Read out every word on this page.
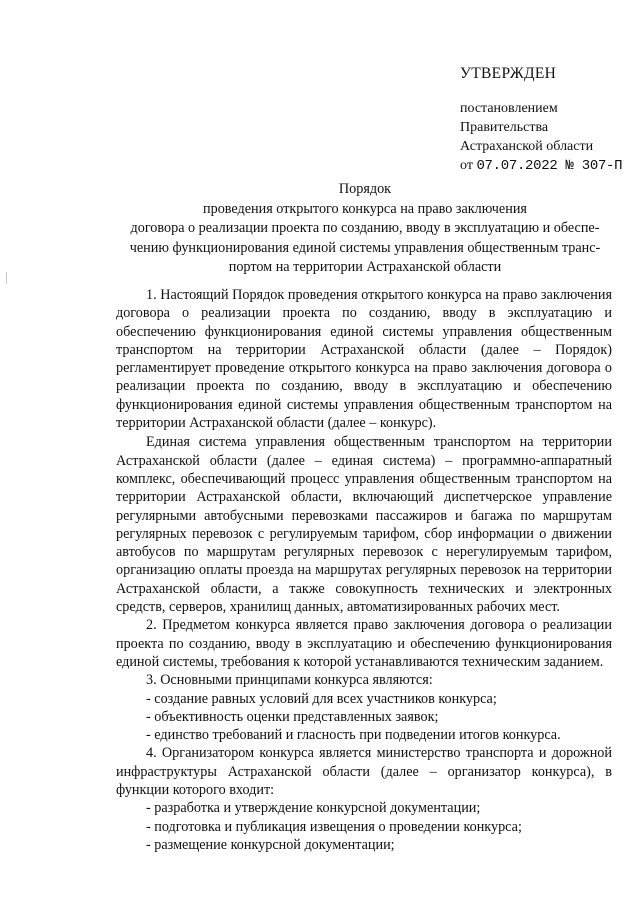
УТВЕРЖДЕН
постановлением
Правительства
Астраханской области
от 07.07.2022 № 307-П
Порядок
проведения открытого конкурса на право заключения
договора о реализации проекта по созданию, вводу в эксплуатацию и обеспе-
чению функционирования единой системы управления общественным транс-
портом на территории Астраханской области

1. Настоящий Порядок проведения открытого конкурса на право заключения договора о реализации проекта по созданию, вводу в эксплуатацию и обеспечению функционирования единой системы управления общественным транспортом на территории Астраханской области (далее – Порядок) регламентирует проведение открытого конкурса на право заключения договора о реализации проекта по созданию, вводу в эксплуатацию и обеспечению функционирования единой системы управления общественным транспортом на территории Астраханской области (далее – конкурс).

Единая система управления общественным транспортом на территории Астраханской области (далее – единая система) – программно-аппаратный комплекс, обеспечивающий процесс управления общественным транспортом на территории Астраханской области, включающий диспетчерское управление регулярными автобусными перевозками пассажиров и багажа по маршрутам регулярных перевозок с регулируемым тарифом, сбор информации о движении автобусов по маршрутам регулярных перевозок с нерегулируемым тарифом, организацию оплаты проезда на маршрутах регулярных перевозок на территории Астраханской области, а также совокупность технических и электронных средств, серверов, хранилищ данных, автоматизированных рабочих мест.

2. Предметом конкурса является право заключения договора о реализации проекта по созданию, вводу в эксплуатацию и обеспечению функционирования единой системы, требования к которой устанавливаются техническим заданием.

3. Основными принципами конкурса являются:

- создание равных условий для всех участников конкурса;

- объективность оценки представленных заявок;

- единство требований и гласность при подведении итогов конкурса.

4. Организатором конкурса является министерство транспорта и дорожной инфраструктуры Астраханской области (далее – организатор конкурса), в функции которого входит:

- разработка и утверждение конкурсной документации;

- подготовка и публикация извещения о проведении конкурса;

- размещение конкурсной документации;
